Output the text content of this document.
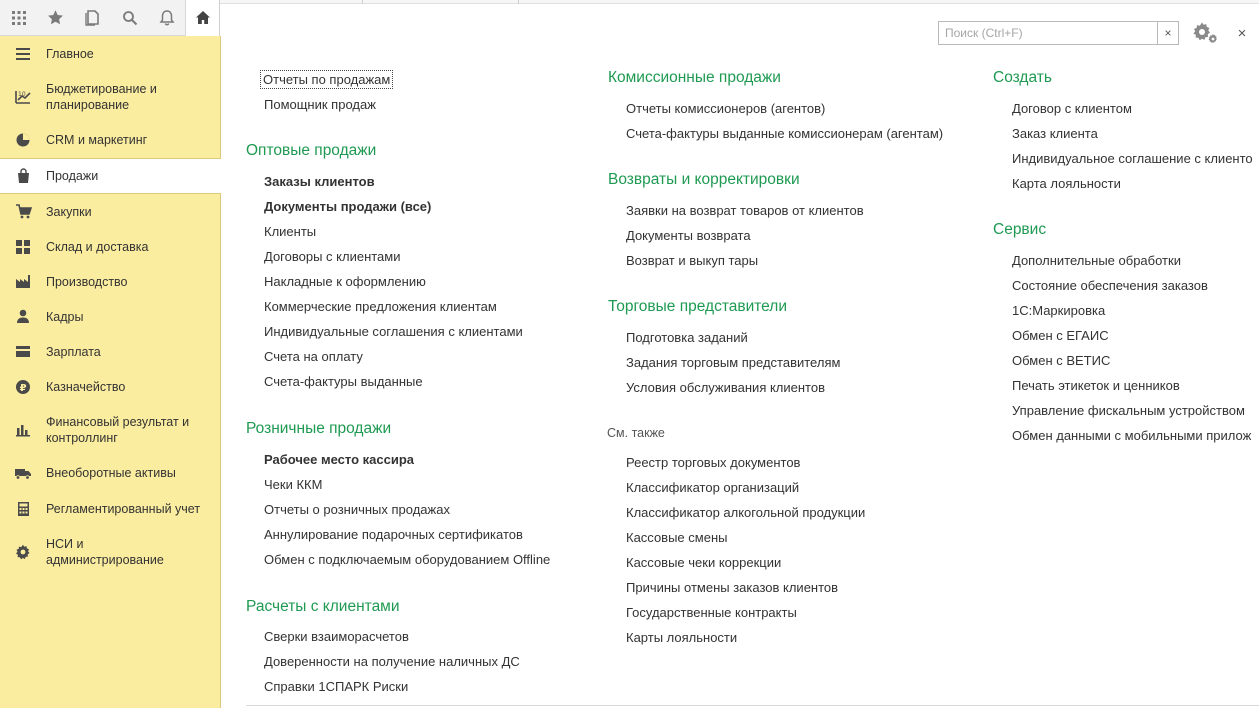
Главное
10 Бюджетирование и планирование
CRM и маркетинг
Продажи
Закупки
Склад и доставка
Производство
Кадры
Зарплата
₽ Казначейство
Финансовый результат и контроллинг
Внеоборотные активы
Регламентированный учет
НСИ и администрирование
Поиск (Ctrl+F)
×	×
Отчеты по продажам
Помощник продаж
Оптовые продажи
Заказы клиентов
Документы продажи (все)
Клиенты
Договоры с клиентами
Накладные к оформлению
Коммерческие предложения клиентам
Индивидуальные соглашения с клиентами
Счета на оплату
Счета-фактуры выданные
Розничные продажи
Рабочее место кассира
Чеки ККМ
Отчеты о розничных продажах
Аннулирование подарочных сертификатов
Обмен с подключаемым оборудованием Offline
Расчеты с клиентами
Сверки взаиморасчетов
Доверенности на получение наличных ДС
Справки 1СПАРК Риски
Комиссионные продажи
Отчеты комиссионеров (агентов)
Счета-фактуры выданные комиссионерам (агентам)
Возвраты и корректировки
Заявки на возврат товаров от клиентов
Документы возврата
Возврат и выкуп тары
Торговые представители
Подготовка заданий
Задания торговым представителям
Условия обслуживания клиентов
См. также
Реестр торговых документов
Классификатор организаций
Классификатор алкогольной продукции
Кассовые смены
Кассовые чеки коррекции
Причины отмены заказов клиентов
Государственные контракты
Карты лояльности
Создать
Договор с клиентом
Заказ клиента
Индивидуальное соглашение с клиенто
Карта лояльности
Сервис
Дополнительные обработки
Состояние обеспечения заказов
1С:Маркировка
Обмен с ЕГАИС
Обмен с ВЕТИС
Печать этикеток и ценников
Управление фискальным устройством
Обмен данными с мобильными прилож
